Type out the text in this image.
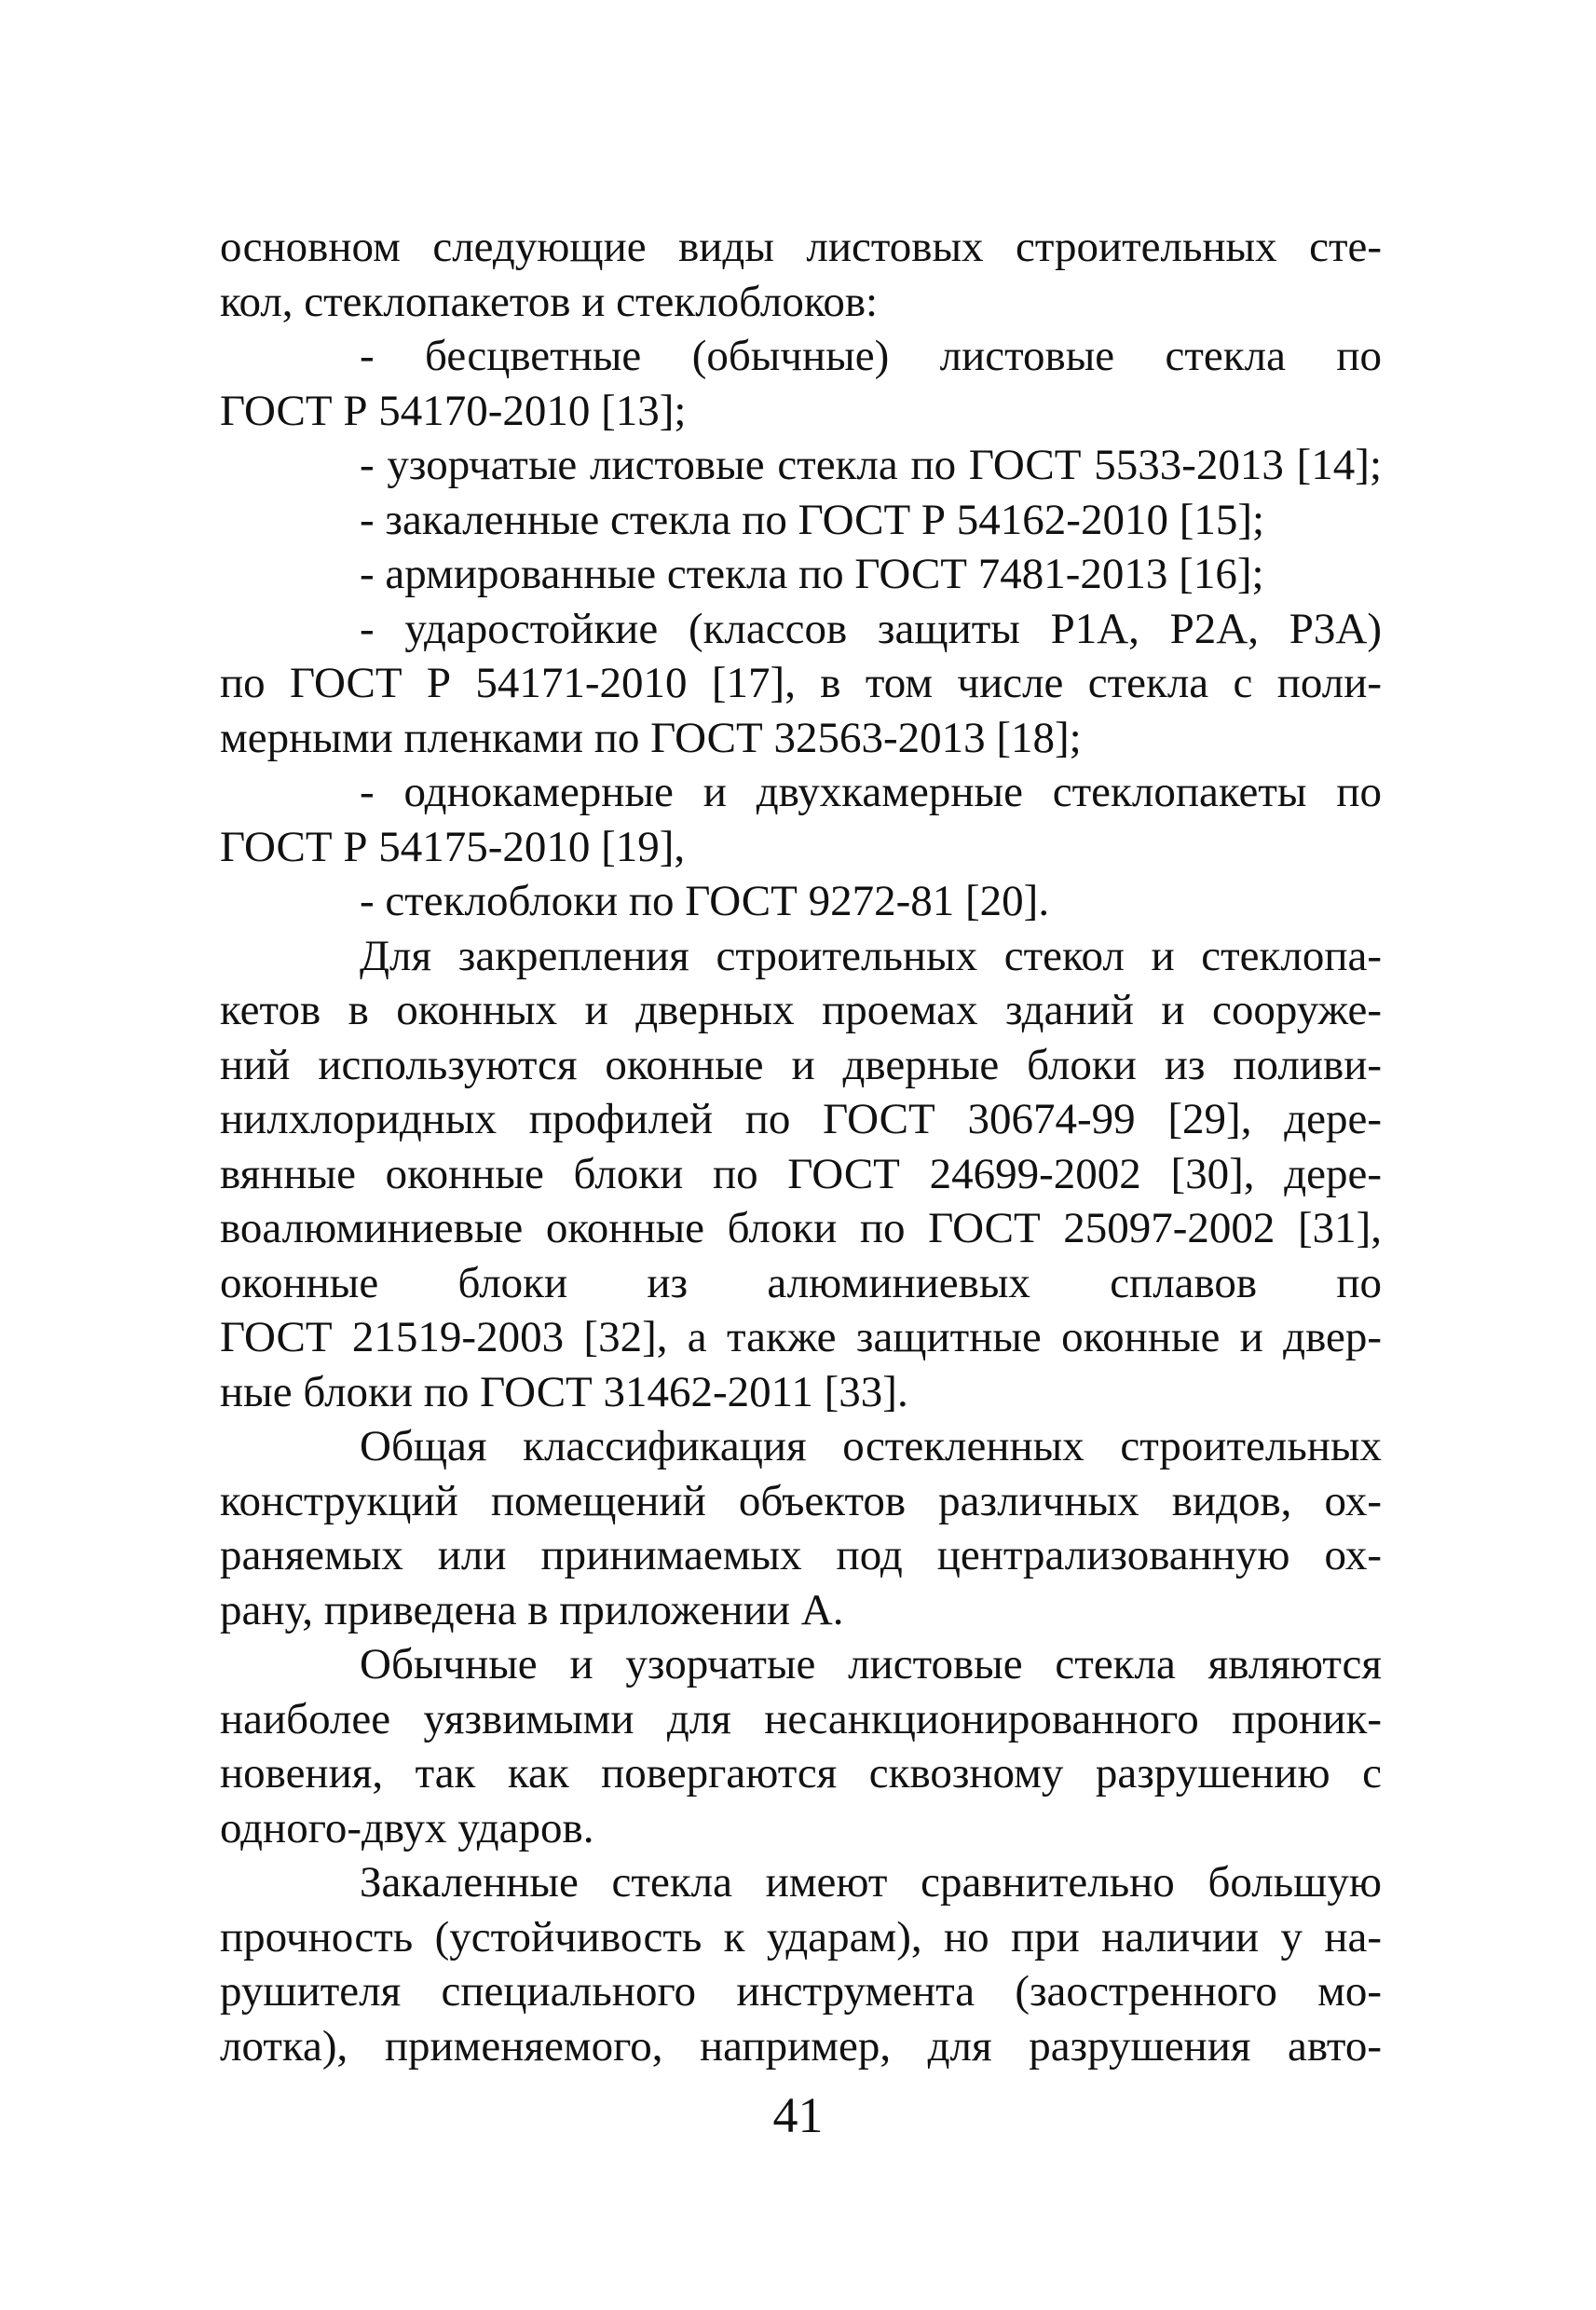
основном следующие виды листовых строительных сте-
кол, стеклопакетов и стеклоблоков:
- бесцветные (обычные) листовые стекла по
ГОСТ Р 54170-2010 [13];
- узорчатые листовые стекла по ГОСТ 5533-2013 [14];
- закаленные стекла по ГОСТ Р 54162-2010 [15];
- армированные стекла по ГОСТ 7481-2013 [16];
- ударостойкие (классов защиты Р1А, Р2А, Р3А)
по ГОСТ Р 54171-2010 [17], в том числе стекла с поли-
мерными пленками по ГОСТ 32563-2013 [18];
- однокамерные и двухкамерные стеклопакеты по
ГОСТ Р 54175-2010 [19],
- стеклоблоки по ГОСТ 9272-81 [20].
Для закрепления строительных стекол и стеклопа-
кетов в оконных и дверных проемах зданий и сооруже-
ний используются оконные и дверные блоки из поливи-
нилхлоридных профилей по ГОСТ 30674-99 [29], дере-
вянные оконные блоки по ГОСТ 24699-2002 [30], дере-
воалюминиевые оконные блоки по ГОСТ 25097-2002 [31],
оконные блоки из алюминиевых сплавов по
ГОСТ 21519-2003 [32], а также защитные оконные и двер-
ные блоки по ГОСТ 31462-2011 [33].
Общая классификация остекленных строительных
конструкций помещений объектов различных видов, ох-
раняемых или принимаемых под централизованную ох-
рану, приведена в приложении А.
Обычные и узорчатые листовые стекла являются
наиболее уязвимыми для несанкционированного проник-
новения, так как повергаются сквозному разрушению с
одного-двух ударов.
Закаленные стекла имеют сравнительно большую
прочность (устойчивость к ударам), но при наличии у на-
рушителя специального инструмента (заостренного мо-
лотка), применяемого, например, для разрушения авто-
41
